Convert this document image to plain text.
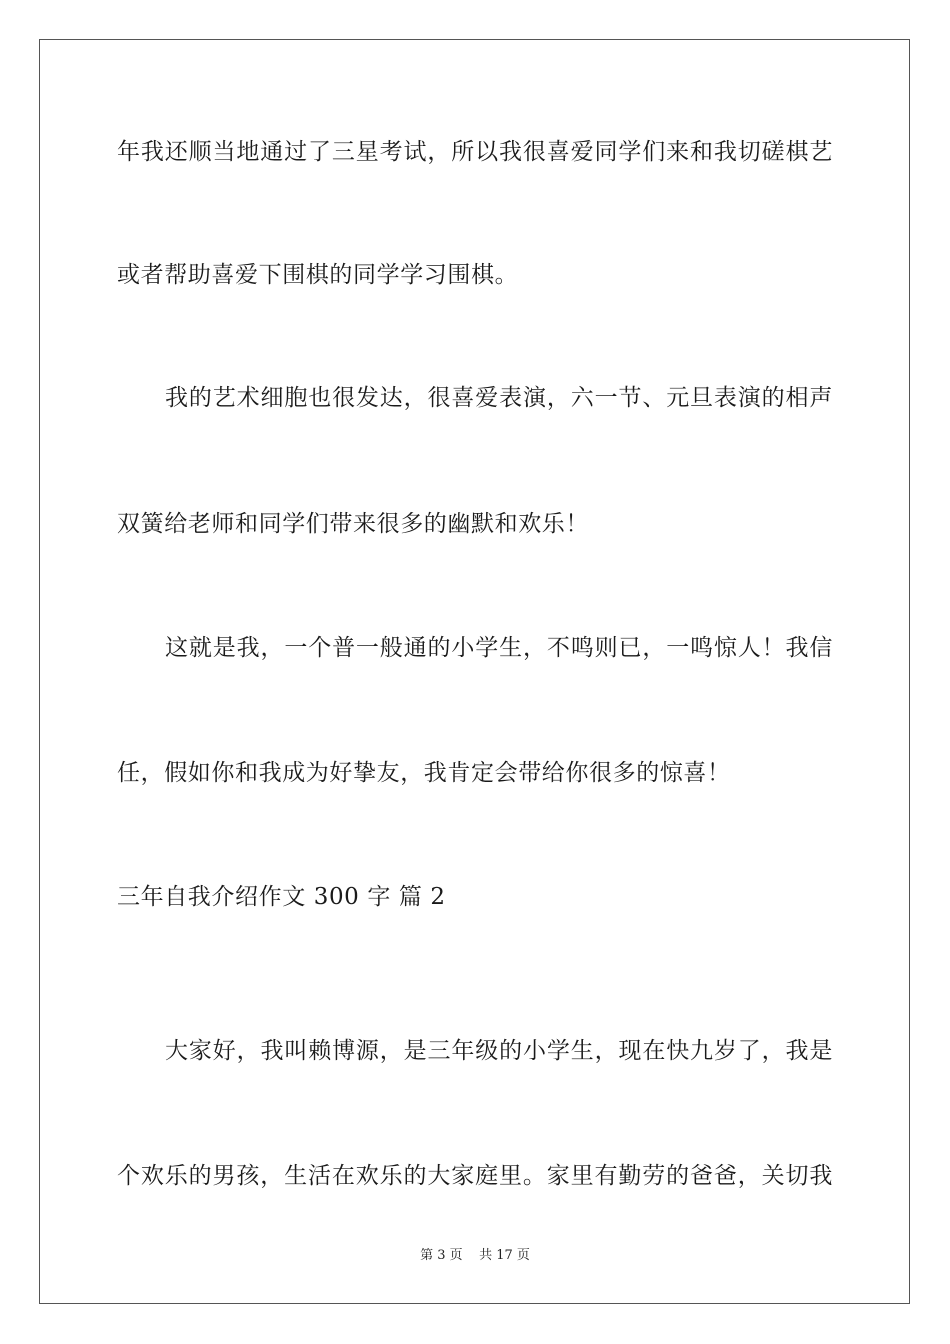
年我还顺当地通过了三星考试，所以我很喜爱同学们来和我切磋棋艺
或者帮助喜爱下围棋的同学学习围棋。
我的艺术细胞也很发达，很喜爱表演，六一节、元旦表演的相声
双簧给老师和同学们带来很多的幽默和欢乐！
这就是我，一个普一般通的小学生，不鸣则已，一鸣惊人！我信
任，假如你和我成为好挚友，我肯定会带给你很多的惊喜！
三年自我介绍作文 300 字 篇 2
大家好，我叫赖博源，是三年级的小学生，现在快九岁了，我是
个欢乐的男孩，生活在欢乐的大家庭里。家里有勤劳的爸爸，关切我
第 3 页    共 17 页
